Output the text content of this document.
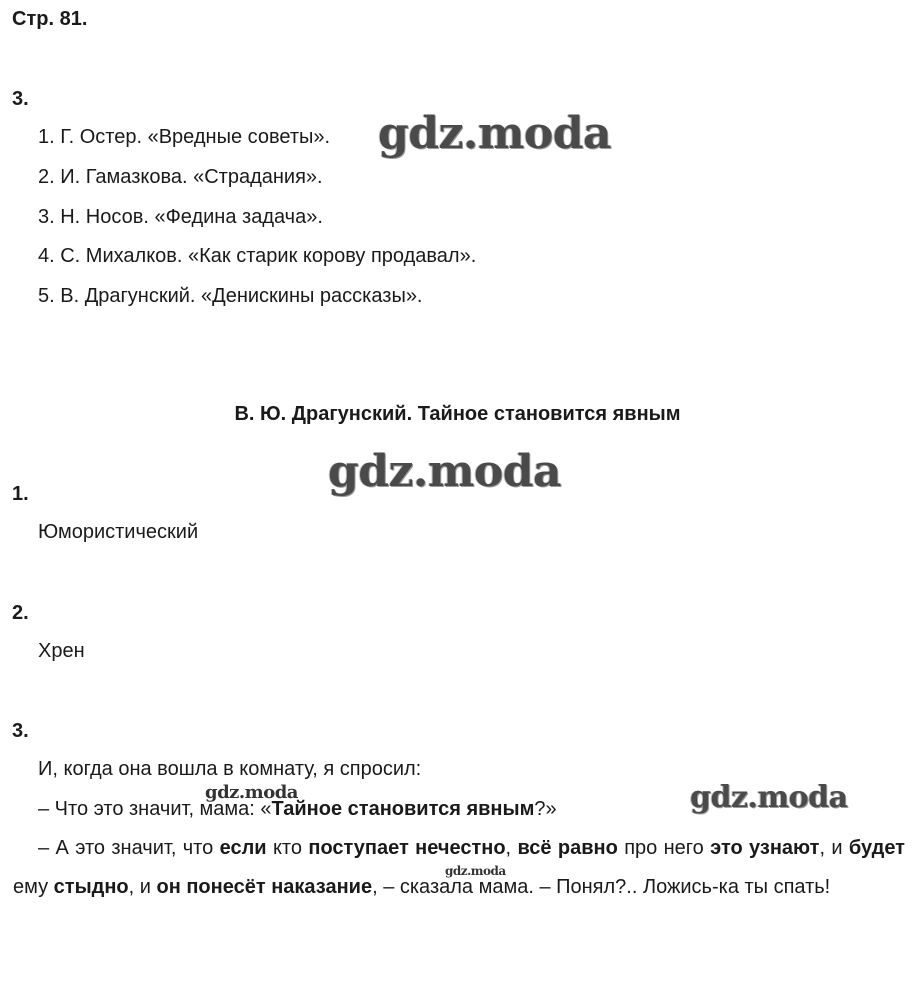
Стр. 81.
3.
1. Г. Остер. «Вредные советы».
2. И. Гамазкова. «Страдания».
3. Н. Носов. «Федина задача».
4. С. Михалков. «Как старик корову продавал».
5. В. Драгунский. «Денискины рассказы».
В. Ю. Драгунский. Тайное становится явным
1.
Юмористический
2.
Хрен
3.
И, когда она вошла в комнату, я спросил:
– Что это значит, мама: «Тайное становится явным?»

– А это значит, что если кто поступает нечестно, всё равно про него это узнают, и будет ему стыдно, и он понесёт наказание, – сказала мама. – Понял?.. Ложись-ка ты спать!

gdz.moda
gdz.moda
gdz.moda
gdz.moda
gdz.moda
